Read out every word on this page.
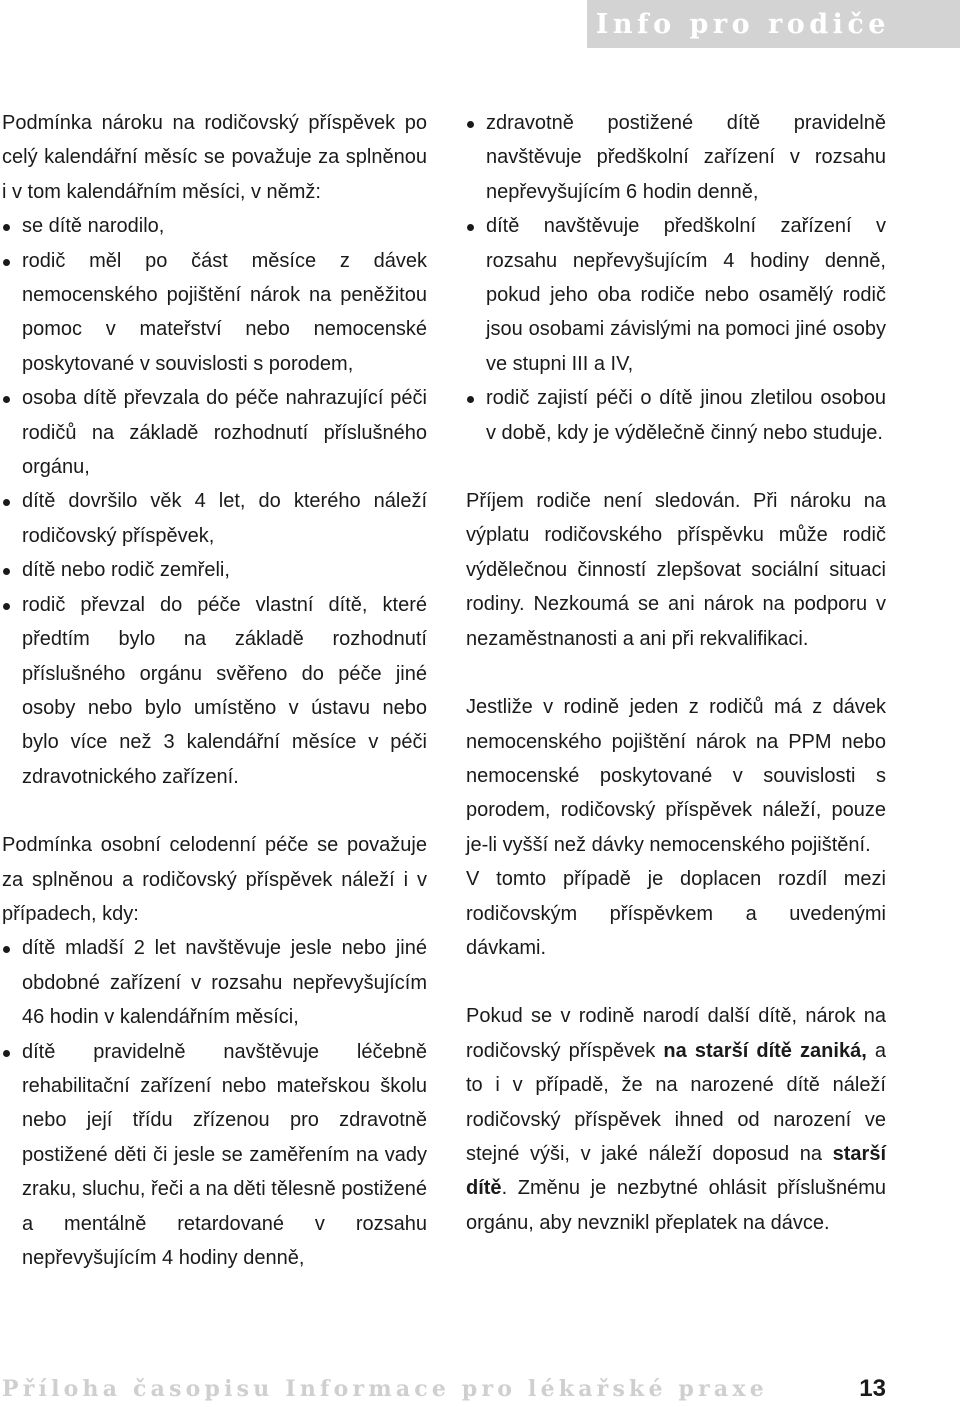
Info pro rodiče

Podmínka nároku na rodičovský příspěvek po celý kalendářní měsíc se považuje za splněnou i v tom kalendářním měsíci, v němž:

se dítě narodilo,
rodič měl po část měsíce z dávek nemocenského pojištění nárok na peněžitou pomoc v mateřství nebo nemocenské poskytované v souvislosti s porodem,
osoba dítě převzala do péče nahrazující péči rodičů na základě rozhodnutí příslušného orgánu,
dítě dovršilo věk 4 let, do kterého náleží rodičovský příspěvek,
dítě nebo rodič zemřeli,
rodič převzal do péče vlastní dítě, které předtím bylo na základě rozhodnutí příslušného orgánu svěřeno do péče jiné osoby nebo bylo umístěno v ústavu nebo bylo více než 3 kalendářní měsíce v péči zdravotnického zařízení.

Podmínka osobní celodenní péče se považuje za splněnou a rodičovský příspěvek náleží i v případech, kdy:

dítě mladší 2 let navštěvuje jesle nebo jiné obdobné zařízení v rozsahu nepřevyšujícím 46 hodin v kalendářním měsíci,
dítě pravidelně navštěvuje léčebně rehabilitační zařízení nebo mateřskou školu nebo její třídu zřízenou pro zdravotně postižené děti či jesle se zaměřením na vady zraku, sluchu, řeči a na děti tělesně postižené a mentálně retardované v rozsahu nepřevyšujícím 4 hodiny denně,
zdravotně postižené dítě pravidelně navštěvuje předškolní zařízení v rozsahu nepřevyšujícím 6 hodin denně,
dítě navštěvuje předškolní zařízení v rozsahu nepřevyšujícím 4 hodiny denně, pokud jeho oba rodiče nebo osamělý rodič jsou osobami závislými na pomoci jiné osoby ve stupni III a IV,
rodič zajistí péči o dítě jinou zletilou osobou v době, kdy je výdělečně činný nebo studuje.

Příjem rodiče není sledován. Při nároku na výplatu rodičovského příspěvku může rodič výdělečnou činností zlepšovat sociální situaci rodiny. Nezkoumá se ani nárok na podporu v nezaměstnanosti a ani při rekvalifikaci.

Jestliže v rodině jeden z rodičů má z dávek nemocenského pojištění nárok na PPM nebo nemocenské poskytované v souvislosti s porodem, rodičovský příspěvek náleží, pouze je-li vyšší než dávky nemocenského pojištění.

V tomto případě je doplacen rozdíl mezi rodičovským příspěvkem a uvedenými dávkami.

Pokud se v rodině narodí další dítě, nárok na rodičovský příspěvek na starší dítě zaniká, a to i v případě, že na narozené dítě náleží rodičovský příspěvek ihned od narození ve stejné výši, v jaké náleží doposud na starší dítě. Změnu je nezbytné ohlásit příslušnému orgánu, aby nevznikl přeplatek na dávce.

Příloha časopisu Informace pro lékařské praxe	13
